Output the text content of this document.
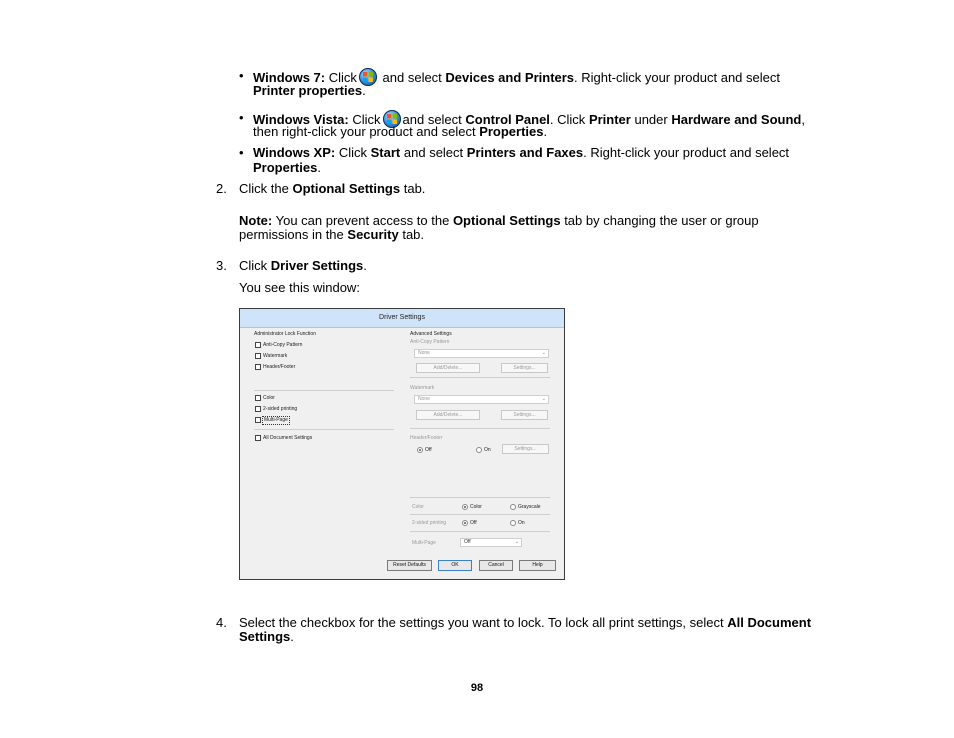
• Windows 7: Click and select Devices and Printers. Right-click your product and select
Printer properties.
• Windows Vista: Click and select Control Panel. Click Printer under Hardware and Sound,
then right-click your product and select Properties.
• Windows XP: Click Start and select Printers and Faxes. Right-click your product and select
Properties.
2. Click the Optional Settings tab.
Note: You can prevent access to the Optional Settings tab by changing the user or group
permissions in the Security tab.
3. Click Driver Settings.
You see this window:
Driver Settings
Administrator Lock Function
Anti-Copy Pattern
Watermark
Header/Footer
Color
2-sided printing
Multi-Page
All Document Settings
Advanced Settings
Anti-Copy Pattern
None	⌄
Add/Delete...	Settings...
Watermark
None	⌄
Add/Delete...	Settings...
Header/Footer
Off	On	Settings...
Color	Color	Grayscale
2-sided printing	Off	On
Multi-Page	Off	⌄
Reset Defaults	OK	Cancel	Help
4. Select the checkbox for the settings you want to lock. To lock all print settings, select All Document
Settings.
98
